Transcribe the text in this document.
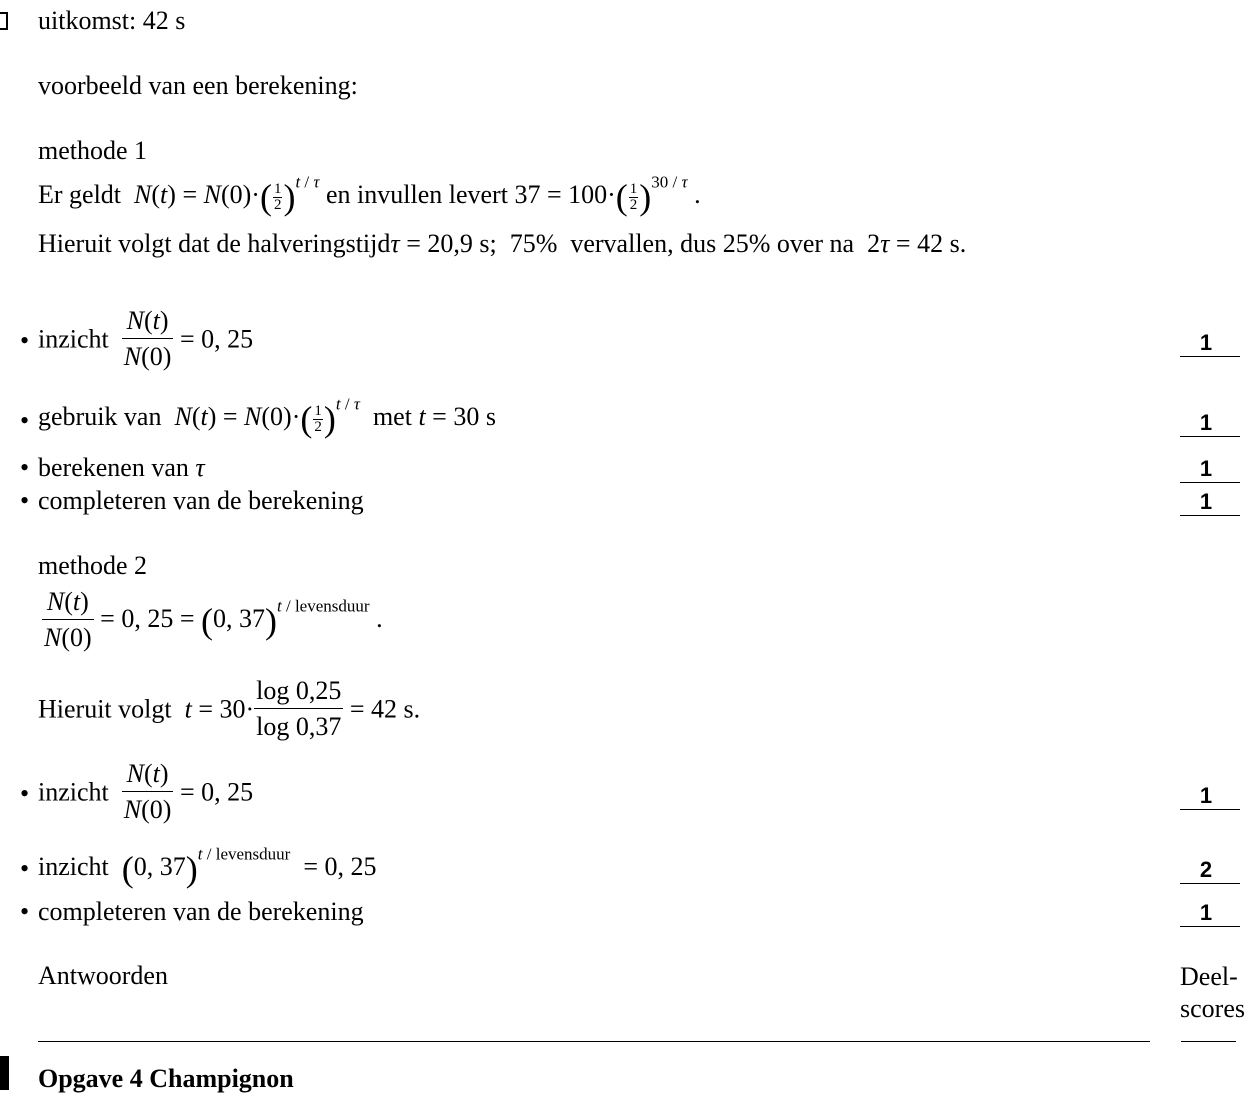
uitkomst: 42 s
voorbeeld van een berekening:
methode 1
Er geldt $N(t) = N(0)\cdot( \frac{1}{2} )^{t / \tau}$ en invullen levert $37 = 100\cdot( \frac{1}{2} )^{30 / \tau}$ .
Hieruit volgt dat de halveringstijdτ = 20,9 s;  75% vervallen, dus 25% over na  2τ = 42 s.
• inzicht $\frac{N(t)}{N(0)} = 0$, 25	1
• gebruik van $N(t) = N(0)\cdot( \frac{1}{2} )^{t / \tau}$ met t = 30 s	1
• berekenen van τ	1
• completeren van de berekening	1
methode 2
$\frac{N(t)}{N(0)} = 0$, 25 = (0, 37)$^{t / levensduur}$ .
Hieruit volgt $t = 30\cdot \frac{\log 0,25}{\log 0,37} = 42$ s.
• inzicht $\frac{N(t)}{N(0)} = 0$, 25	1
• inzicht (0, 37)$^{t / levensduur}$  = 0, 25	2
• completeren van de berekening	1
Antwoorden	Deel-
scores
Opgave 4 Champignon
